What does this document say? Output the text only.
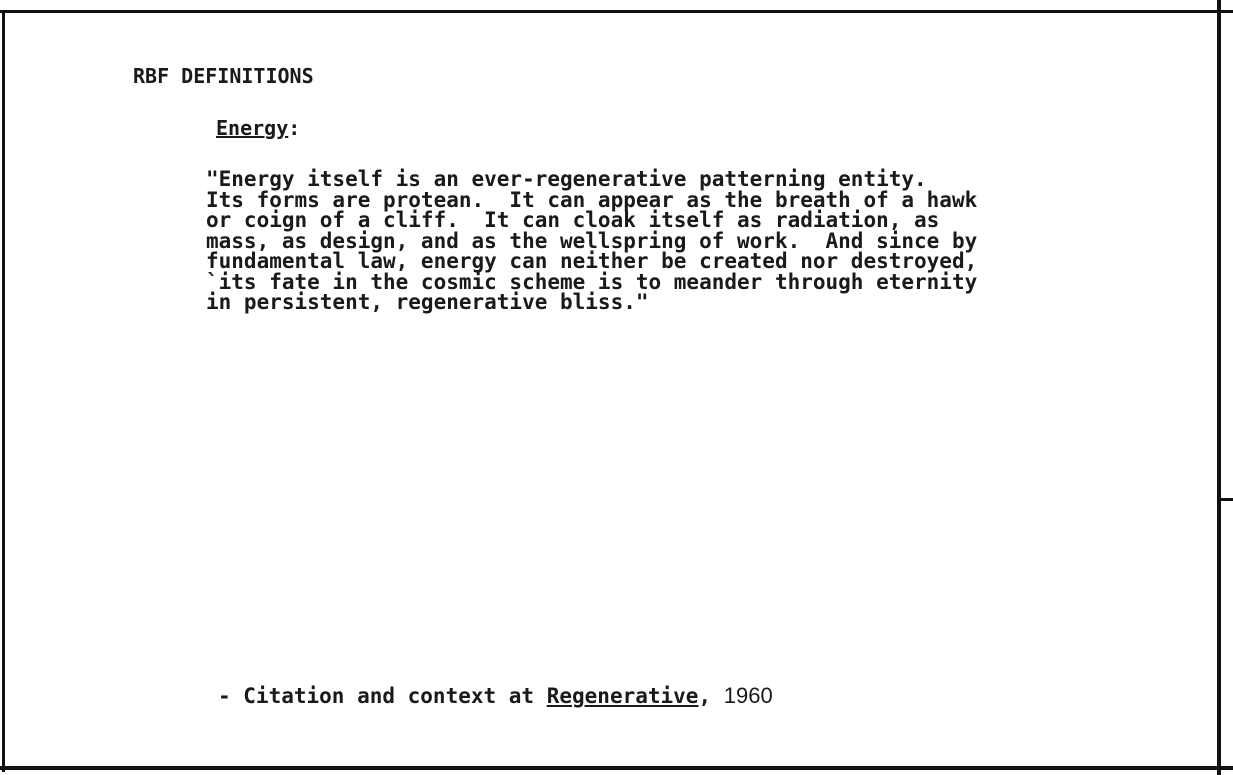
RBF DEFINITIONS
Energy:
"Energy itself is an ever-regenerative patterning entity.
Its forms are protean.  It can appear as the breath of a hawk
or coign of a cliff.  It can cloak itself as radiation, as
mass, as design, and as the wellspring of work.  And since by
fundamental law, energy can neither be created nor destroyed,
`its fate in the cosmic scheme is to meander through eternity
in persistent, regenerative bliss."
- Citation and context at Regenerative, 1960
